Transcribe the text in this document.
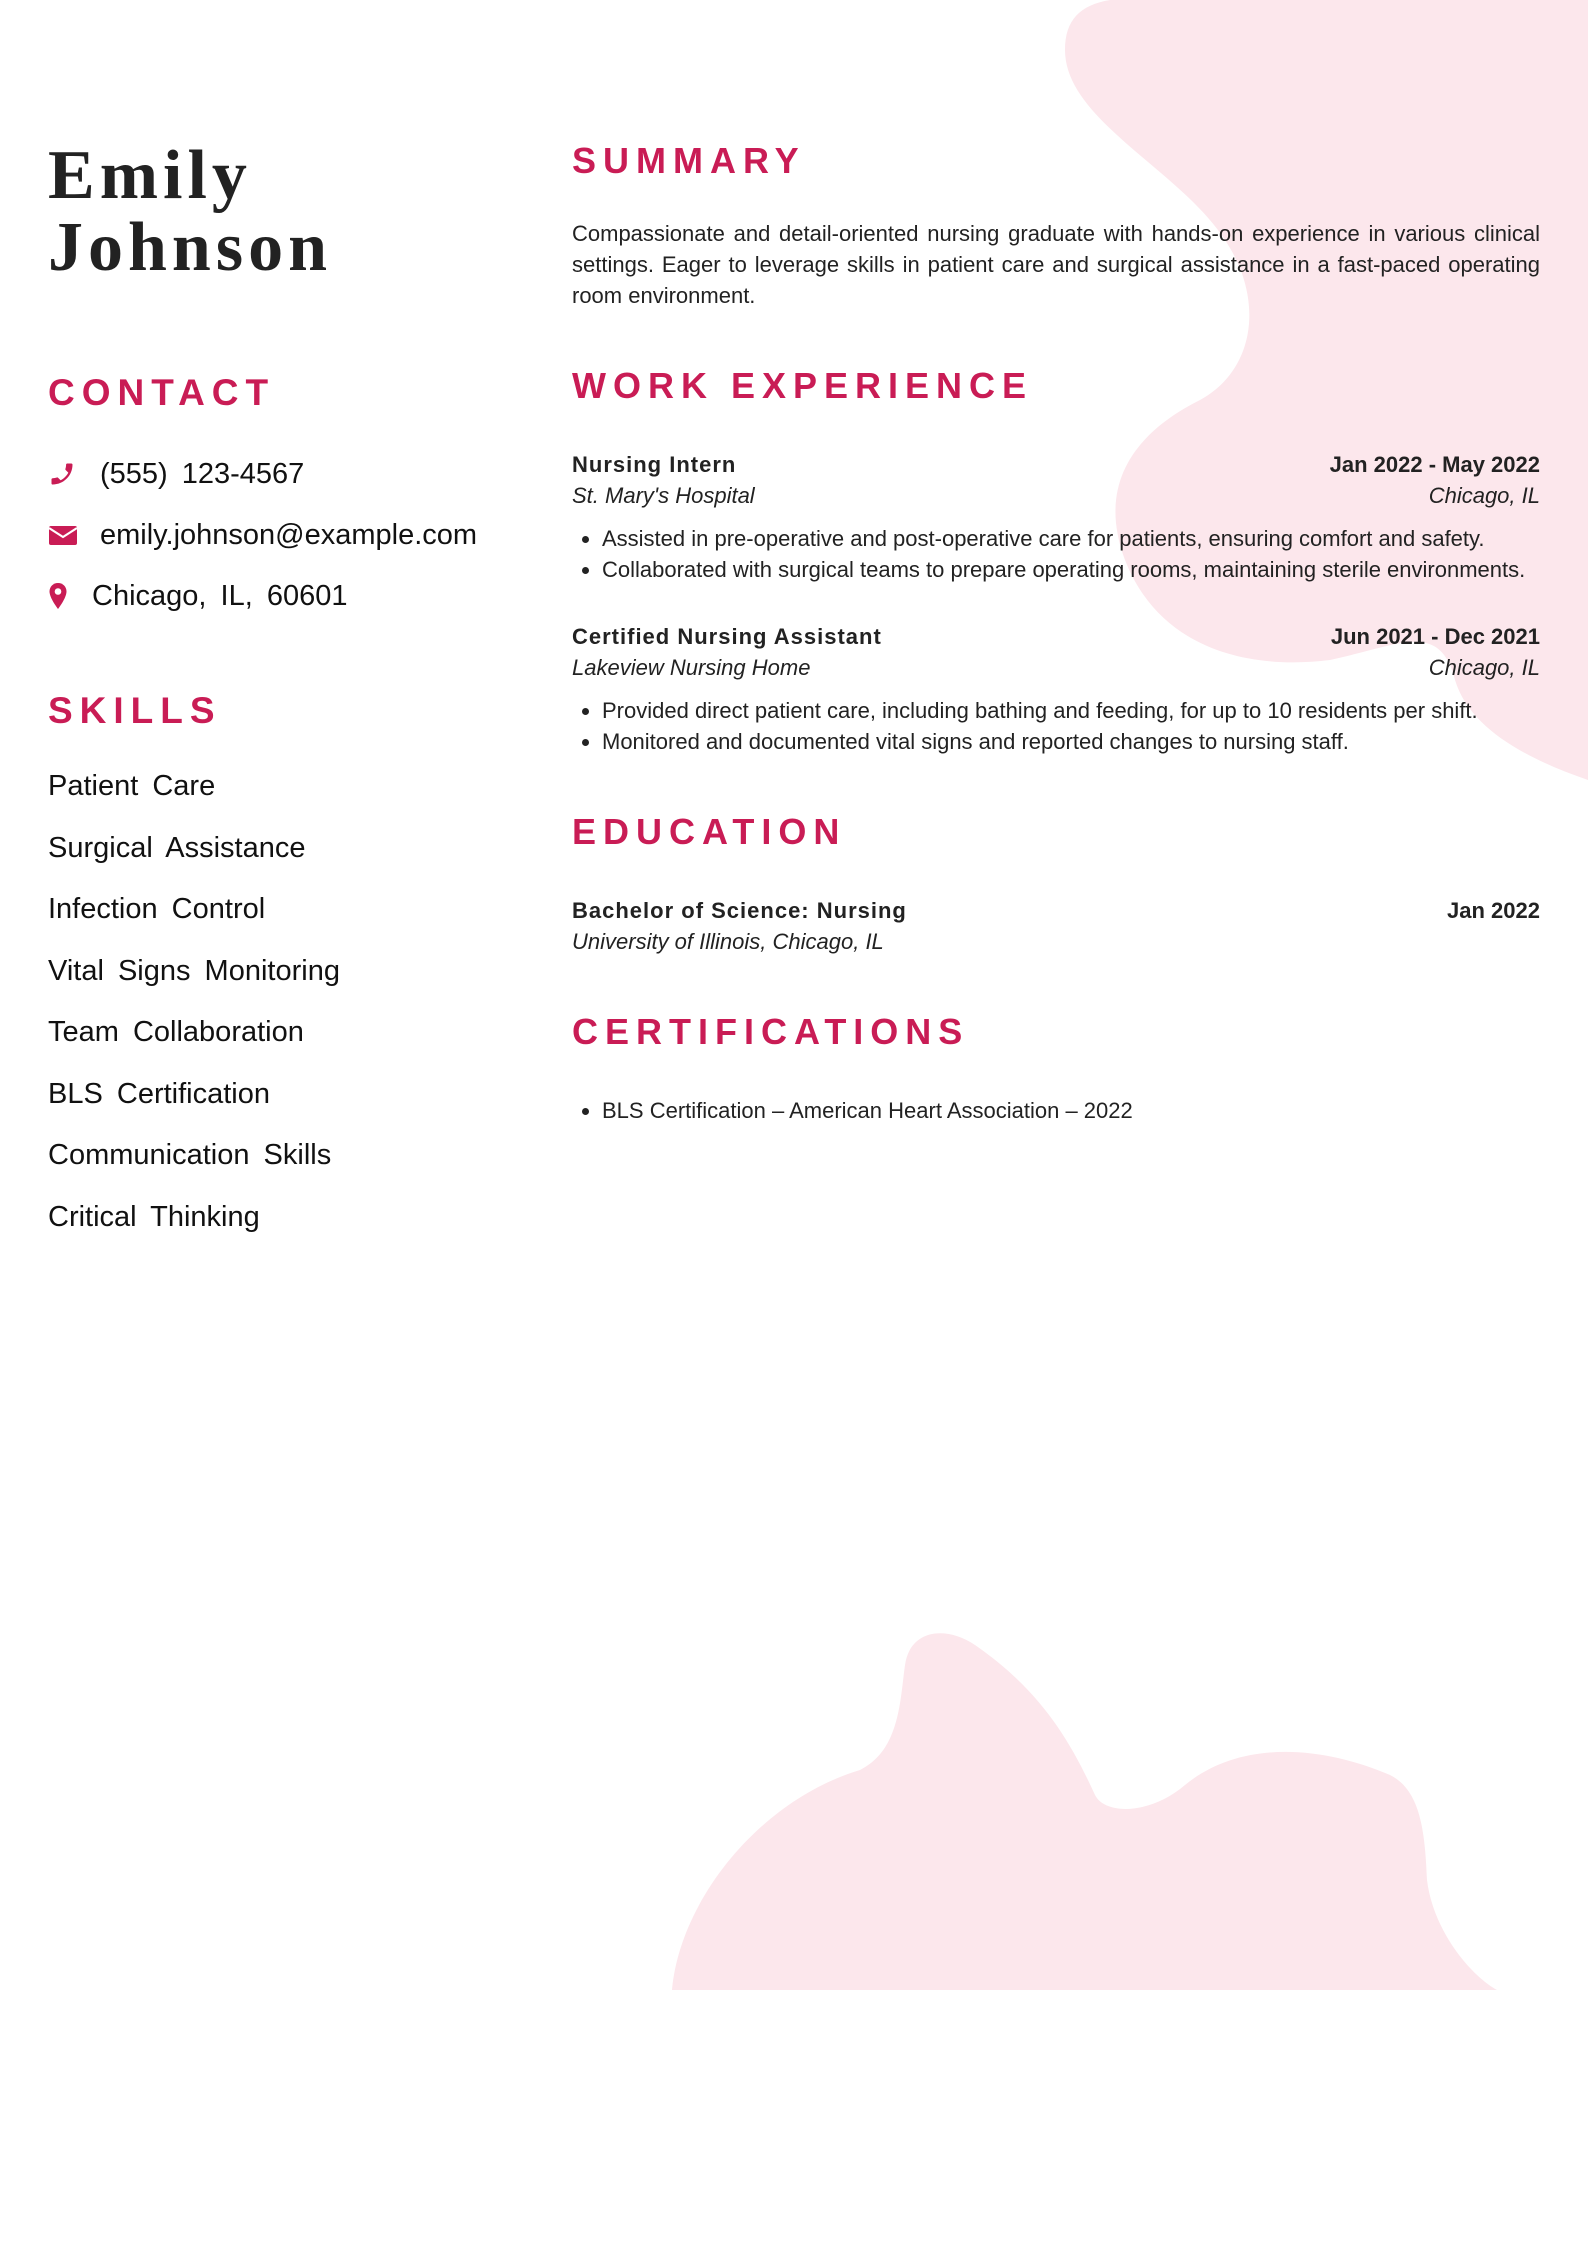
Emily
Johnson
CONTACT
(555) 123-4567
emily.johnson@example.com
Chicago, IL, 60601
SKILLS
Patient Care
Surgical Assistance
Infection Control
Vital Signs Monitoring
Team Collaboration
BLS Certification
Communication Skills
Critical Thinking
SUMMARY

Compassionate and detail-oriented nursing graduate with hands-on experience in various clinical settings. Eager to leverage skills in patient care and surgical assistance in a fast-paced operating room environment.

WORK EXPERIENCE
Nursing Intern	Jan 2022 - May 2022
St. Mary's Hospital	Chicago, IL
• Assisted in pre-operative and post-operative care for patients, ensuring comfort and safety.
• Collaborated with surgical teams to prepare operating rooms, maintaining sterile environments.
Certified Nursing Assistant	Jun 2021 - Dec 2021
Lakeview Nursing Home	Chicago, IL
• Provided direct patient care, including bathing and feeding, for up to 10 residents per shift.
• Monitored and documented vital signs and reported changes to nursing staff.
EDUCATION
Bachelor of Science: Nursing	Jan 2022
University of Illinois, Chicago, IL
CERTIFICATIONS
• BLS Certification – American Heart Association – 2022
